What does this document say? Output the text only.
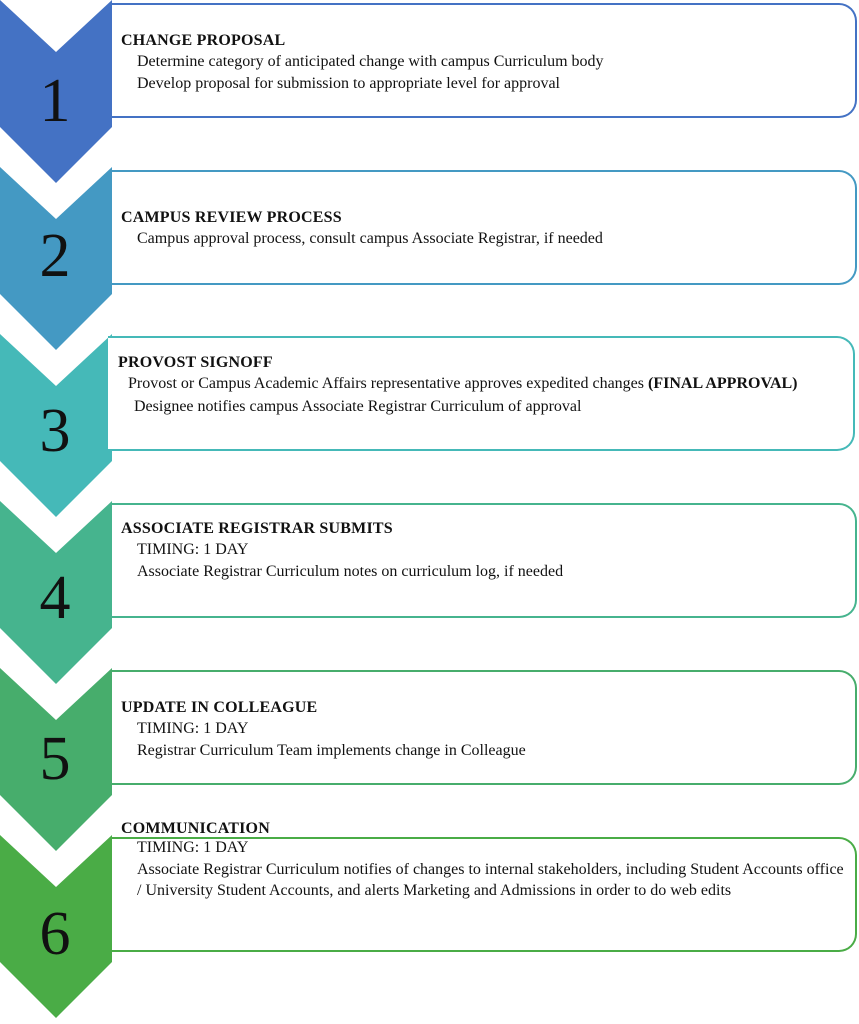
1
CHANGE PROPOSAL
Determine category of anticipated change with campus Curriculum body
Develop proposal for submission to appropriate level for approval
2
CAMPUS REVIEW PROCESS
Campus approval process, consult campus Associate Registrar, if needed
3
PROVOST SIGNOFF
Provost or Campus Academic Affairs representative approves expedited changes (FINAL APPROVAL)
Designee notifies campus Associate Registrar Curriculum of approval
4
ASSOCIATE REGISTRAR SUBMITS
TIMING: 1 DAY
Associate Registrar Curriculum notes on curriculum log, if needed
5
UPDATE IN COLLEAGUE
TIMING: 1 DAY
Registrar Curriculum Team implements change in Colleague
6
COMMUNICATION
TIMING: 1 DAY
Associate Registrar Curriculum notifies of changes to internal stakeholders, including Student Accounts office / University Student Accounts, and alerts Marketing and Admissions in order to do web edits
